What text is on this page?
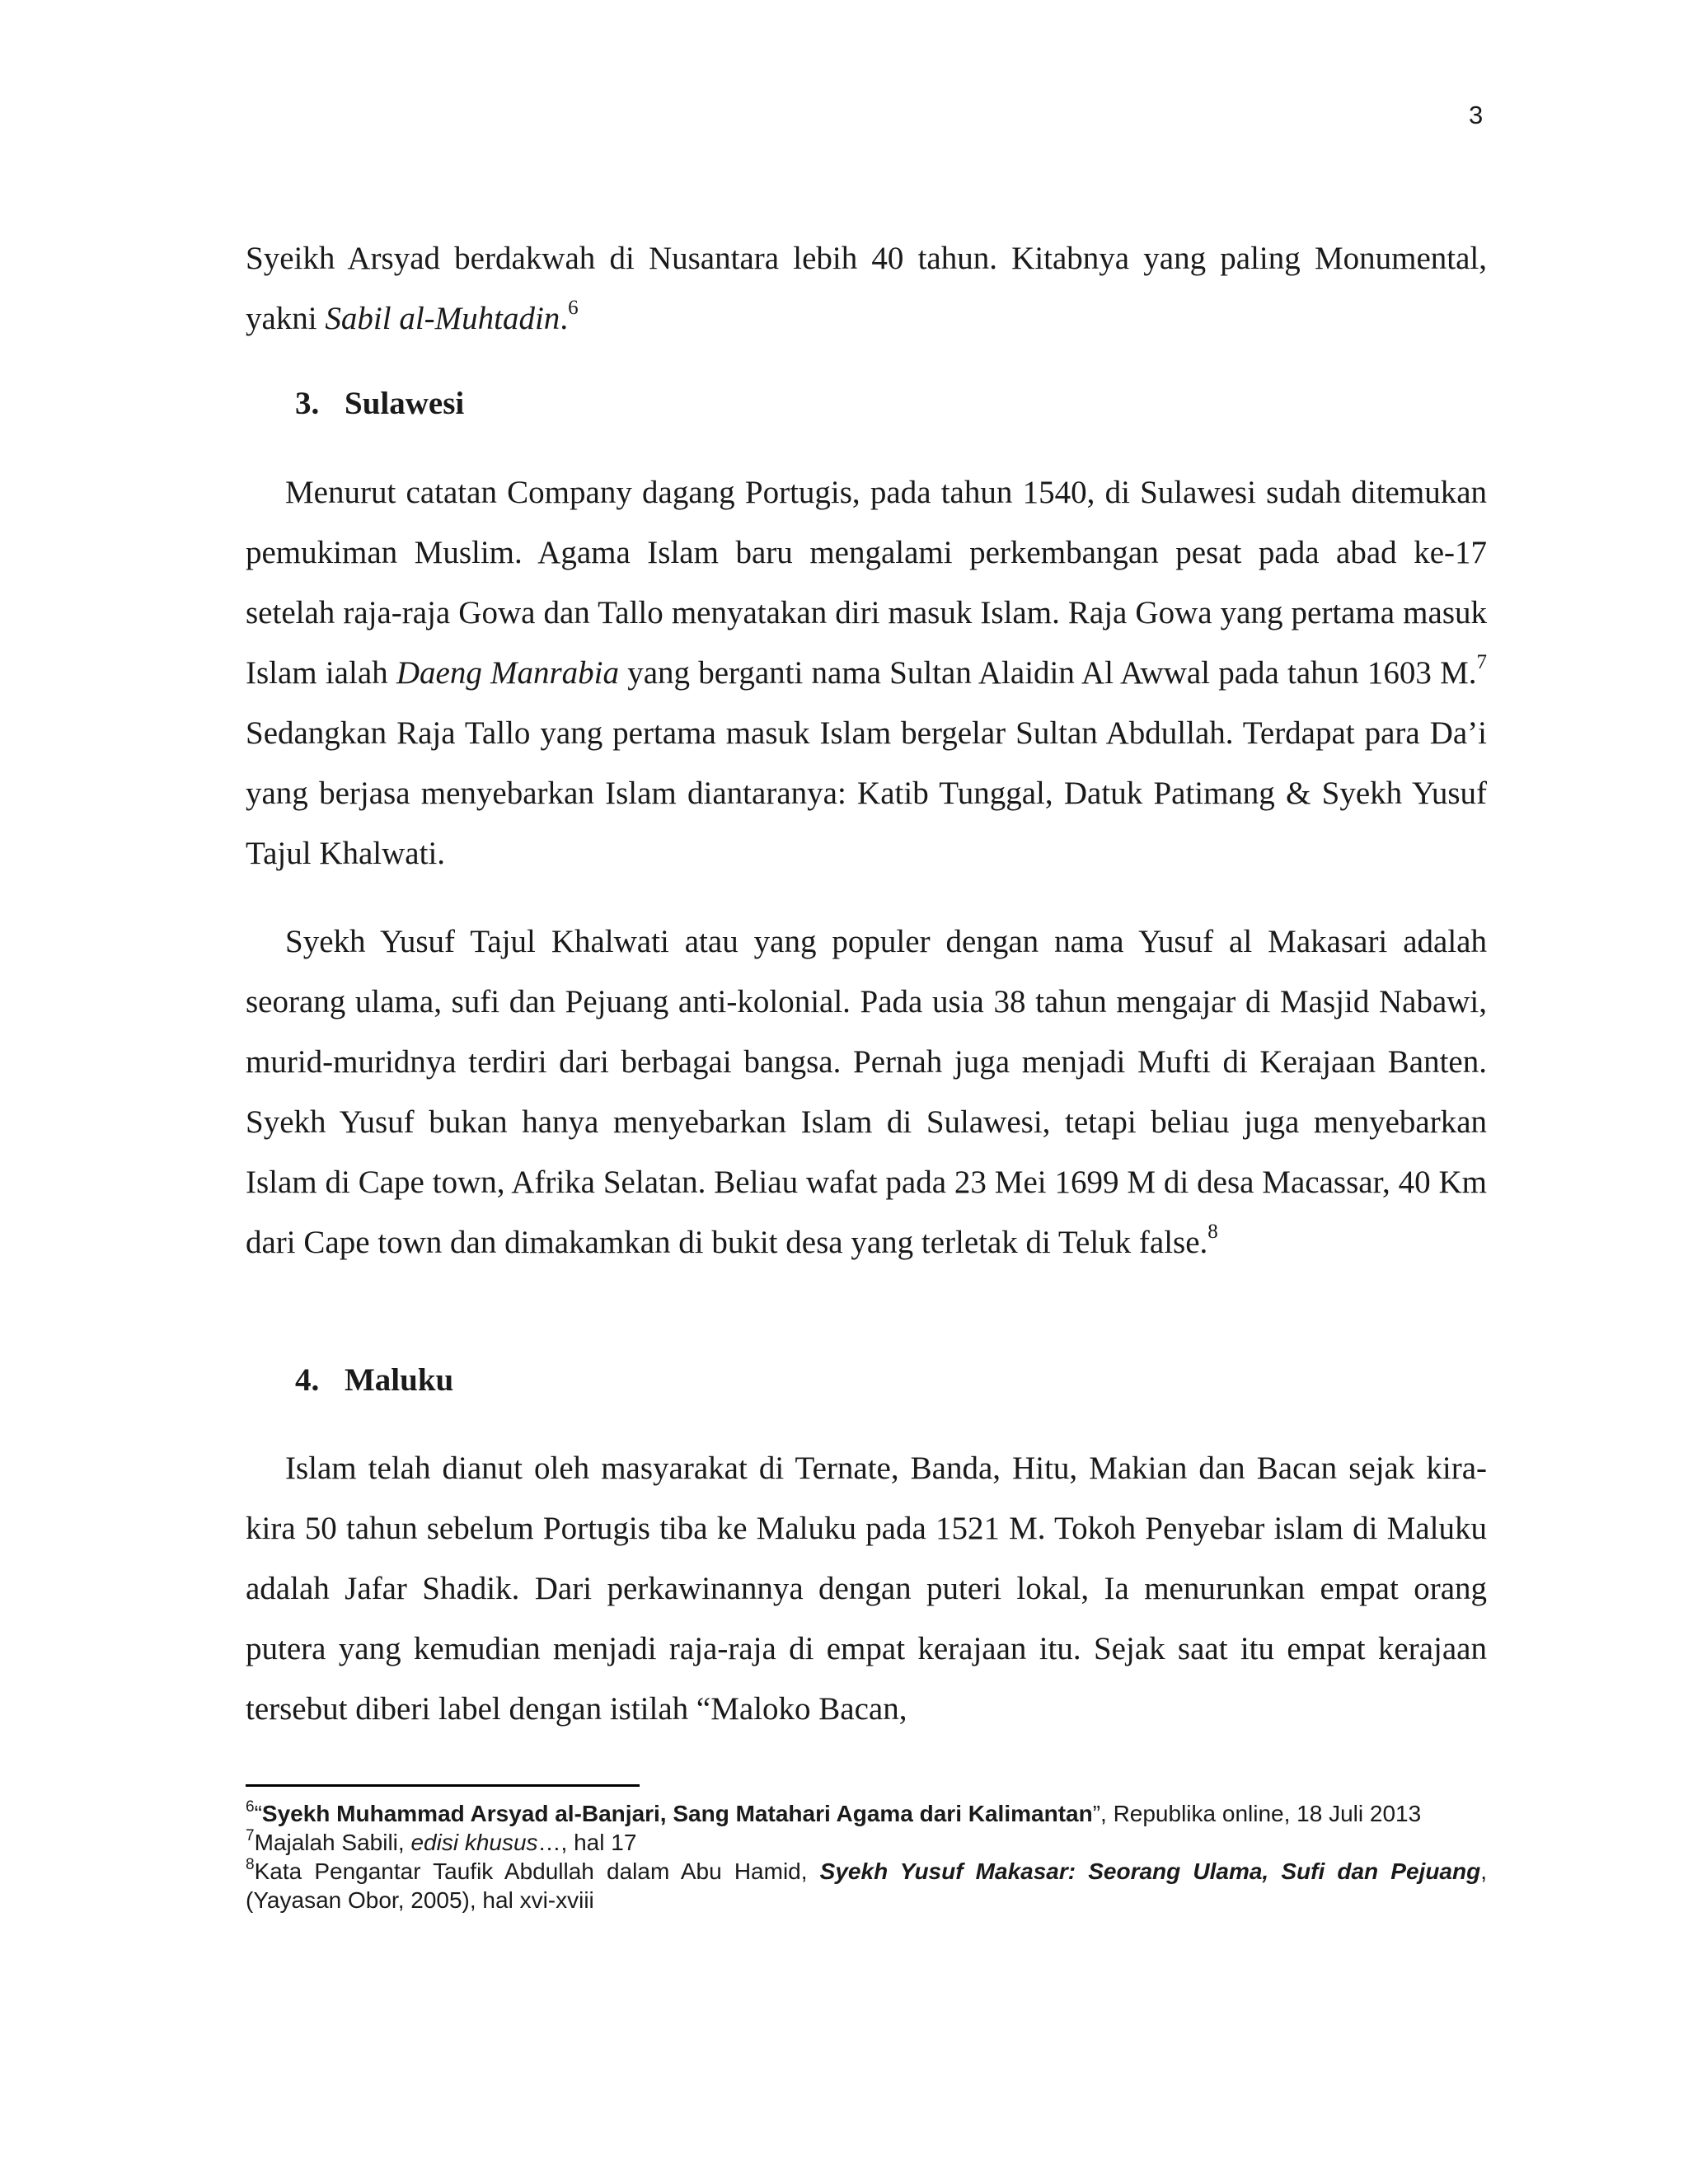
3

Syeikh Arsyad berdakwah di Nusantara lebih 40 tahun. Kitabnya yang paling Monumental, yakni Sabil al-Muhtadin.$^6$

3. Sulawesi

Menurut catatan Company dagang Portugis, pada tahun 1540, di Sulawesi sudah ditemukan pemukiman Muslim. Agama Islam baru mengalami perkembangan pesat pada abad ke-17 setelah raja-raja Gowa dan Tallo menyatakan diri masuk Islam. Raja Gowa yang pertama masuk Islam ialah Daeng Manrabia yang berganti nama Sultan Alaidin Al Awwal pada tahun 1603 M.$^7$ Sedangkan Raja Tallo yang pertama masuk Islam bergelar Sultan Abdullah. Terdapat para Da’i yang berjasa menyebarkan Islam diantaranya: Katib Tunggal, Datuk Patimang & Syekh Yusuf Tajul Khalwati.

Syekh Yusuf Tajul Khalwati atau yang populer dengan nama Yusuf al Makasari adalah seorang ulama, sufi dan Pejuang anti-kolonial. Pada usia 38 tahun mengajar di Masjid Nabawi, murid-muridnya terdiri dari berbagai bangsa. Pernah juga menjadi Mufti di Kerajaan Banten. Syekh Yusuf bukan hanya menyebarkan Islam di Sulawesi, tetapi beliau juga menyebarkan Islam di Cape town, Afrika Selatan. Beliau wafat pada 23 Mei 1699 M di desa Macassar, 40 Km dari Cape town dan dimakamkan di bukit desa yang terletak di Teluk false.$^8$

4. Maluku

Islam telah dianut oleh masyarakat di Ternate, Banda, Hitu, Makian dan Bacan sejak kira-kira 50 tahun sebelum Portugis tiba ke Maluku pada 1521 M. Tokoh Penyebar islam di Maluku adalah Jafar Shadik. Dari perkawinannya dengan puteri lokal, Ia menurunkan empat orang putera yang kemudian menjadi raja-raja di empat kerajaan itu. Sejak saat itu empat kerajaan tersebut diberi label dengan istilah “Maloko Bacan,

$^6$“Syekh Muhammad Arsyad al-Banjari, Sang Matahari Agama dari Kalimantan”, Republika online, 18 Juli 2013
$^7$Majalah Sabili, edisi khusus…, hal 17
$^8$Kata Pengantar Taufik Abdullah dalam Abu Hamid, Syekh Yusuf Makasar: Seorang Ulama, Sufi dan Pejuang, (Yayasan Obor, 2005), hal xvi-xviii
